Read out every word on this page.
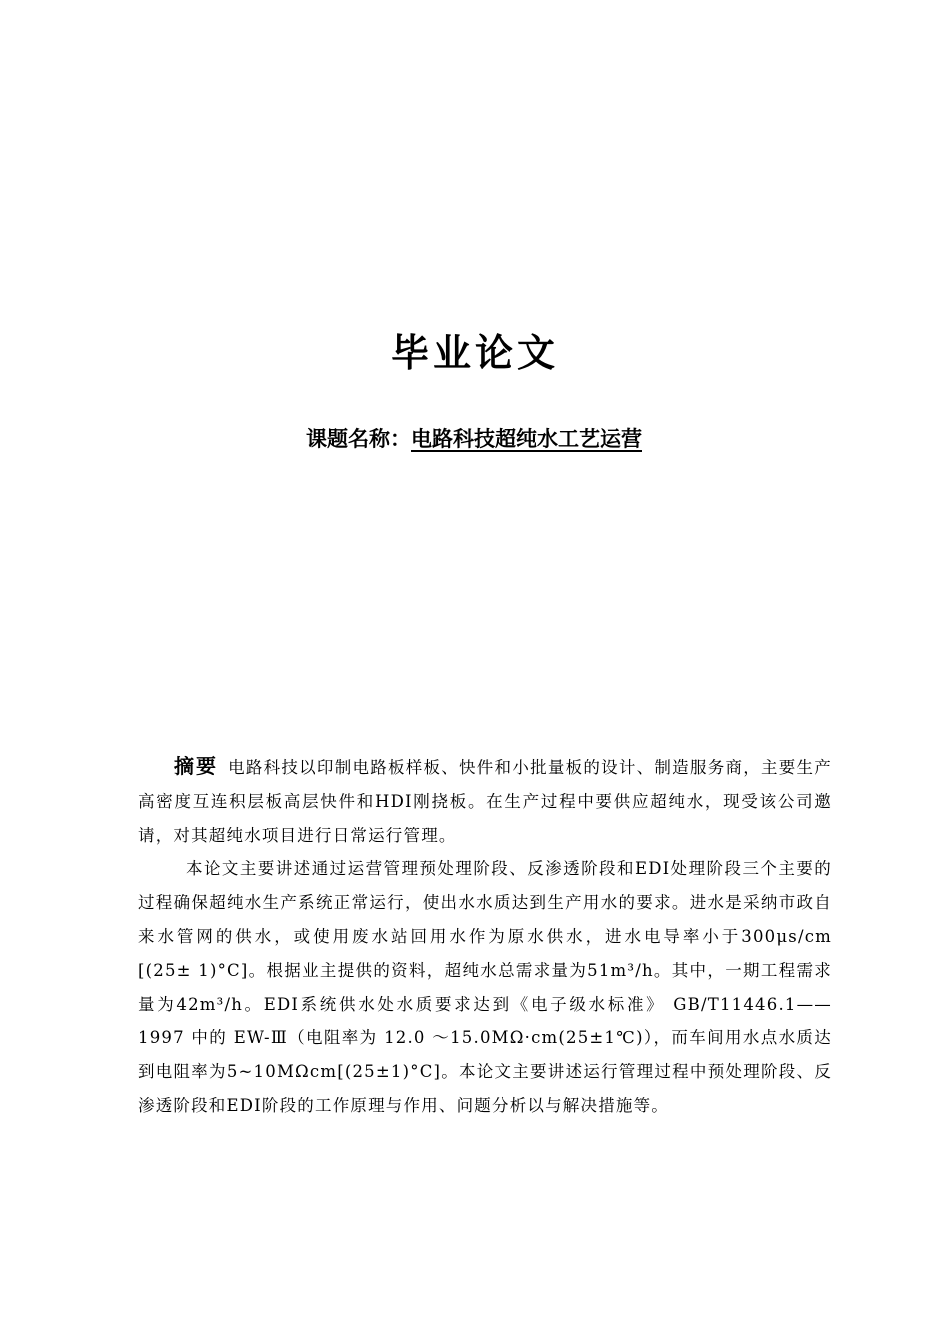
毕业论文
课题名称：电路科技超纯水工艺运营

摘要 电路科技以印制电路板样板、快件和小批量板的设计、制造服务商，主要生产高密度互连积层板高层快件和HDI刚挠板。在生产过程中要供应超纯水，现受该公司邀请，对其超纯水项目进行日常运行管理。

本论文主要讲述通过运营管理预处理阶段、反渗透阶段和EDI处理阶段三个主要的过程确保超纯水生产系统正常运行，使出水水质达到生产用水的要求。进水是采纳市政自来水管网的供水，或使用废水站回用水作为原水供水，进水电导率小于300μs/cm [(25± 1)°C]。根据业主提供的资料，超纯水总需求量为51m³/h。其中，一期工程需求量为42m³/h。EDI系统供水处水质要求达到《电子级水标准》 GB/T11446.1——1997 中的 EW-Ⅲ（电阻率为 12.0 ～15.0MΩ·cm(25±1℃)），而车间用水点水质达到电阻率为5~10MΩcm[(25±1)°C]。本论文主要讲述运行管理过程中预处理阶段、反渗透阶段和EDI阶段的工作原理与作用、问题分析以与解决措施等。
